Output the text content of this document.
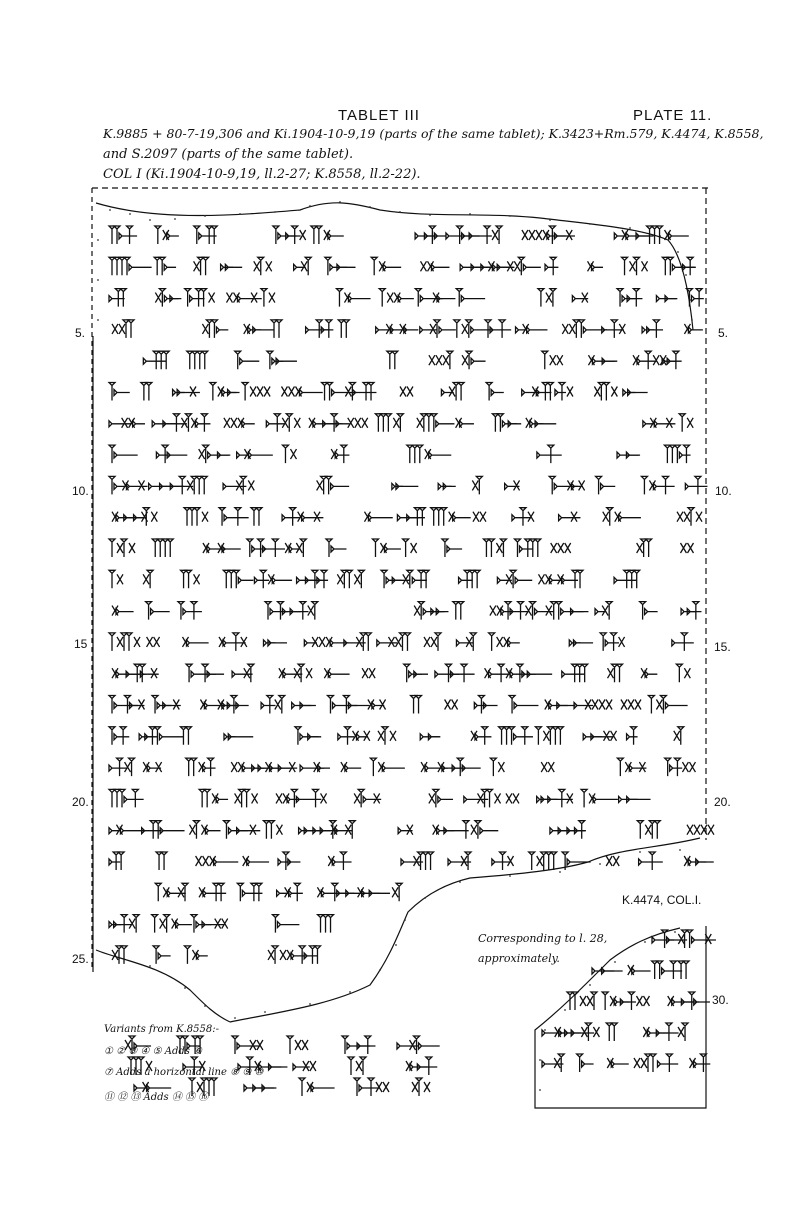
TABLET III	PLATE 11.
K.9885 + 80-7-19,306 and Ki.1904-10-9,19 (parts of the same tablet); K.3423+Rm.579, K.4474, K.8558,
and S.2097 (parts of the same tablet).
COL I (Ki.1904-10-9,19, ll.2-27; K.8558, ll.2-22).
5.
10.
15
20.
25.
5.
10.
15.
20.
30.
K.4474, COL.I.
Corresponding to l. 28,
approximately.
Variants from K.8558:-
① ② ③ ④ ⑤ Adds ⑥
⑦ Adds a horizontal line ⑧ ⑨ ⑩
⑪ ⑫ ⑬ Adds ⑭ ⑮ ⑯
